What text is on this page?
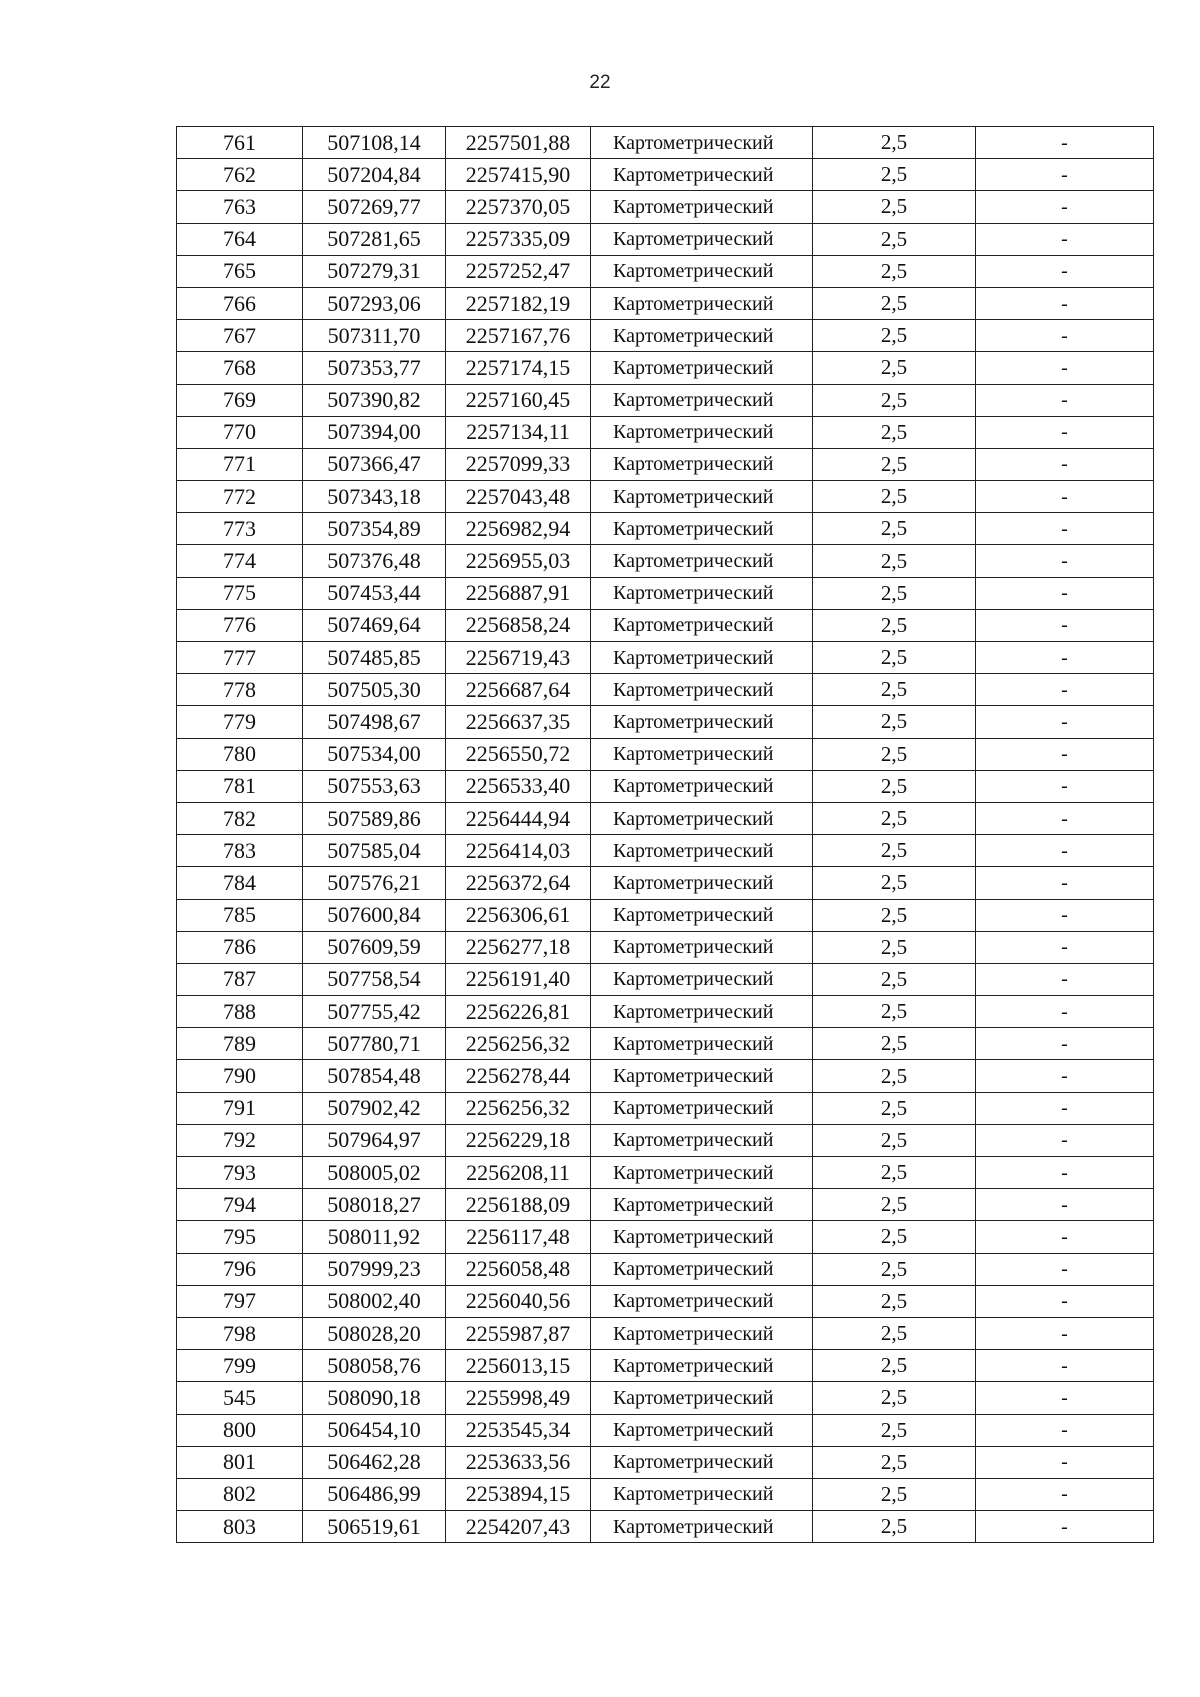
22
761	507108,14	2257501,88	Картометрический	2,5	-
762	507204,84	2257415,90	Картометрический	2,5	-
763	507269,77	2257370,05	Картометрический	2,5	-
764	507281,65	2257335,09	Картометрический	2,5	-
765	507279,31	2257252,47	Картометрический	2,5	-
766	507293,06	2257182,19	Картометрический	2,5	-
767	507311,70	2257167,76	Картометрический	2,5	-
768	507353,77	2257174,15	Картометрический	2,5	-
769	507390,82	2257160,45	Картометрический	2,5	-
770	507394,00	2257134,11	Картометрический	2,5	-
771	507366,47	2257099,33	Картометрический	2,5	-
772	507343,18	2257043,48	Картометрический	2,5	-
773	507354,89	2256982,94	Картометрический	2,5	-
774	507376,48	2256955,03	Картометрический	2,5	-
775	507453,44	2256887,91	Картометрический	2,5	-
776	507469,64	2256858,24	Картометрический	2,5	-
777	507485,85	2256719,43	Картометрический	2,5	-
778	507505,30	2256687,64	Картометрический	2,5	-
779	507498,67	2256637,35	Картометрический	2,5	-
780	507534,00	2256550,72	Картометрический	2,5	-
781	507553,63	2256533,40	Картометрический	2,5	-
782	507589,86	2256444,94	Картометрический	2,5	-
783	507585,04	2256414,03	Картометрический	2,5	-
784	507576,21	2256372,64	Картометрический	2,5	-
785	507600,84	2256306,61	Картометрический	2,5	-
786	507609,59	2256277,18	Картометрический	2,5	-
787	507758,54	2256191,40	Картометрический	2,5	-
788	507755,42	2256226,81	Картометрический	2,5	-
789	507780,71	2256256,32	Картометрический	2,5	-
790	507854,48	2256278,44	Картометрический	2,5	-
791	507902,42	2256256,32	Картометрический	2,5	-
792	507964,97	2256229,18	Картометрический	2,5	-
793	508005,02	2256208,11	Картометрический	2,5	-
794	508018,27	2256188,09	Картометрический	2,5	-
795	508011,92	2256117,48	Картометрический	2,5	-
796	507999,23	2256058,48	Картометрический	2,5	-
797	508002,40	2256040,56	Картометрический	2,5	-
798	508028,20	2255987,87	Картометрический	2,5	-
799	508058,76	2256013,15	Картометрический	2,5	-
545	508090,18	2255998,49	Картометрический	2,5	-
800	506454,10	2253545,34	Картометрический	2,5	-
801	506462,28	2253633,56	Картометрический	2,5	-
802	506486,99	2253894,15	Картометрический	2,5	-
803	506519,61	2254207,43	Картометрический	2,5	-
